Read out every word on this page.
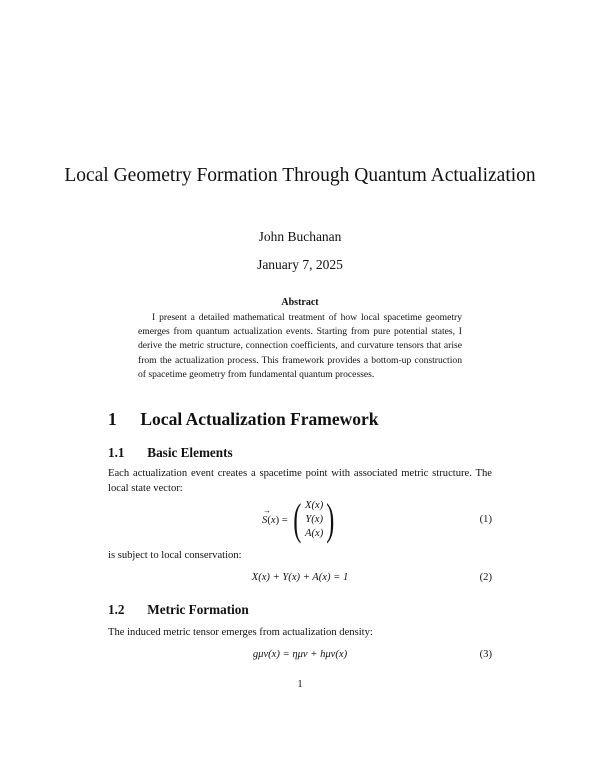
Local Geometry Formation Through Quantum Actualization
John Buchanan
January 7, 2025
Abstract
I present a detailed mathematical treatment of how local spacetime geometry emerges from quantum actualization events. Starting from pure potential states, I derive the metric structure, connection coefficients, and curvature tensors that arise from the actualization process. This framework provides a bottom-up construction of spacetime geometry from fundamental quantum processes.
1 Local Actualization Framework
1.1 Basic Elements
Each actualization event creates a spacetime point with associated metric structure. The local state vector:
→ S (x) = ( X(x)
Y(x)
A(x) )	(1)
is subject to local conservation:
X(x) + Y(x) + A(x) = 1	(2)
1.2 Metric Formation
The induced metric tensor emerges from actualization density:
gμν(x) = ημν + hμν(x)	(3)
1
